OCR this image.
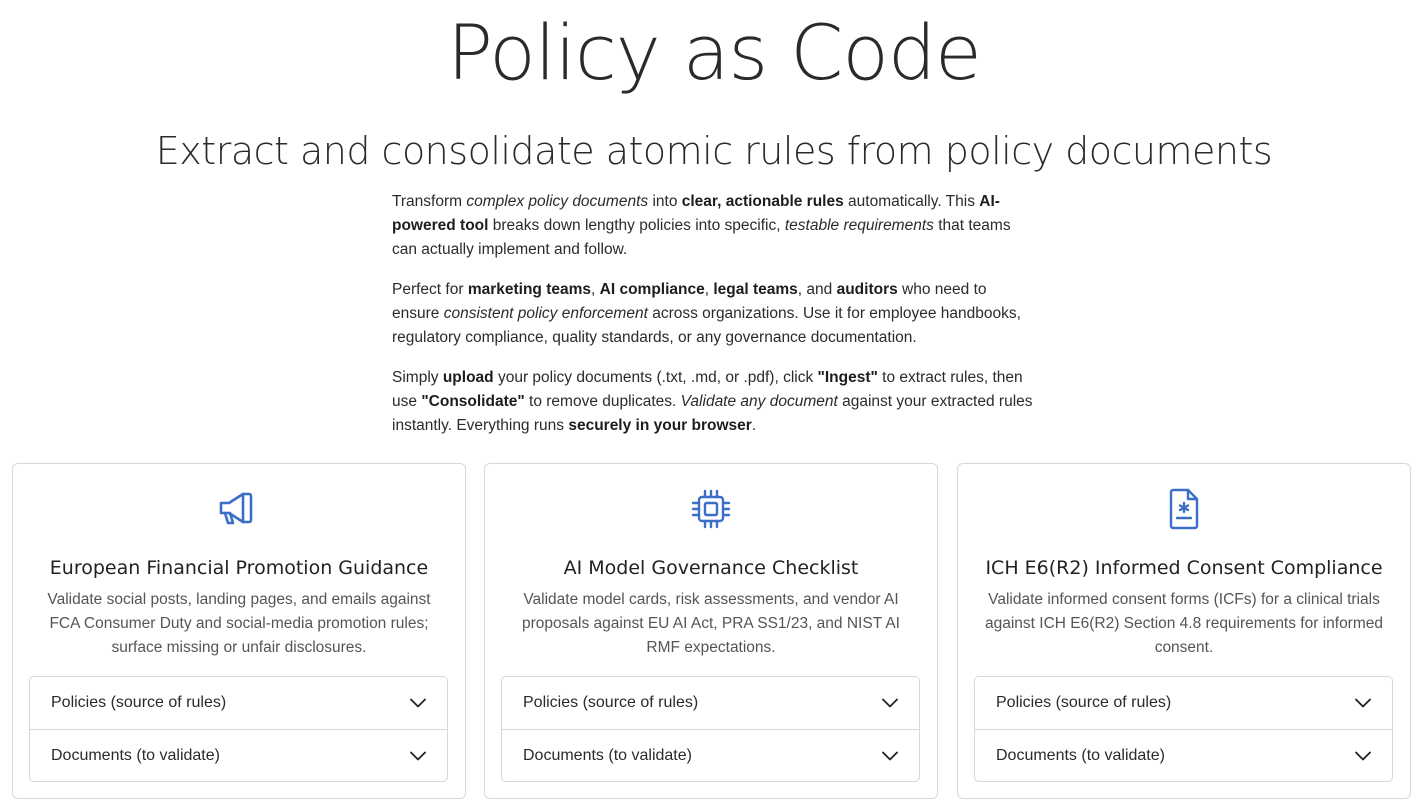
Policy as Code
Extract and consolidate atomic rules from policy documents

Transform complex policy documents into clear, actionable rules automatically. This AI-powered tool breaks down lengthy policies into specific, testable requirements that teams can actually implement and follow.

Perfect for marketing teams, AI compliance, legal teams, and auditors who need to ensure consistent policy enforcement across organizations. Use it for employee handbooks, regulatory compliance, quality standards, or any governance documentation.

Simply upload your policy documents (.txt, .md, or .pdf), click "Ingest" to extract rules, then use "Consolidate" to remove duplicates. Validate any document against your extracted rules instantly. Everything runs securely in your browser.

European Financial Promotion Guidance
Validate social posts, landing pages, and emails against FCA Consumer Duty and social-media promotion rules; surface missing or unfair disclosures.
Policies (source of rules)
Documents (to validate)
AI Model Governance Checklist
Validate model cards, risk assessments, and vendor AI proposals against EU AI Act, PRA SS1/23, and NIST AI RMF expectations.
Policies (source of rules)
Documents (to validate)
ICH E6(R2) Informed Consent Compliance
Validate informed consent forms (ICFs) for a clinical trials against ICH E6(R2) Section 4.8 requirements for informed consent.
Policies (source of rules)
Documents (to validate)
